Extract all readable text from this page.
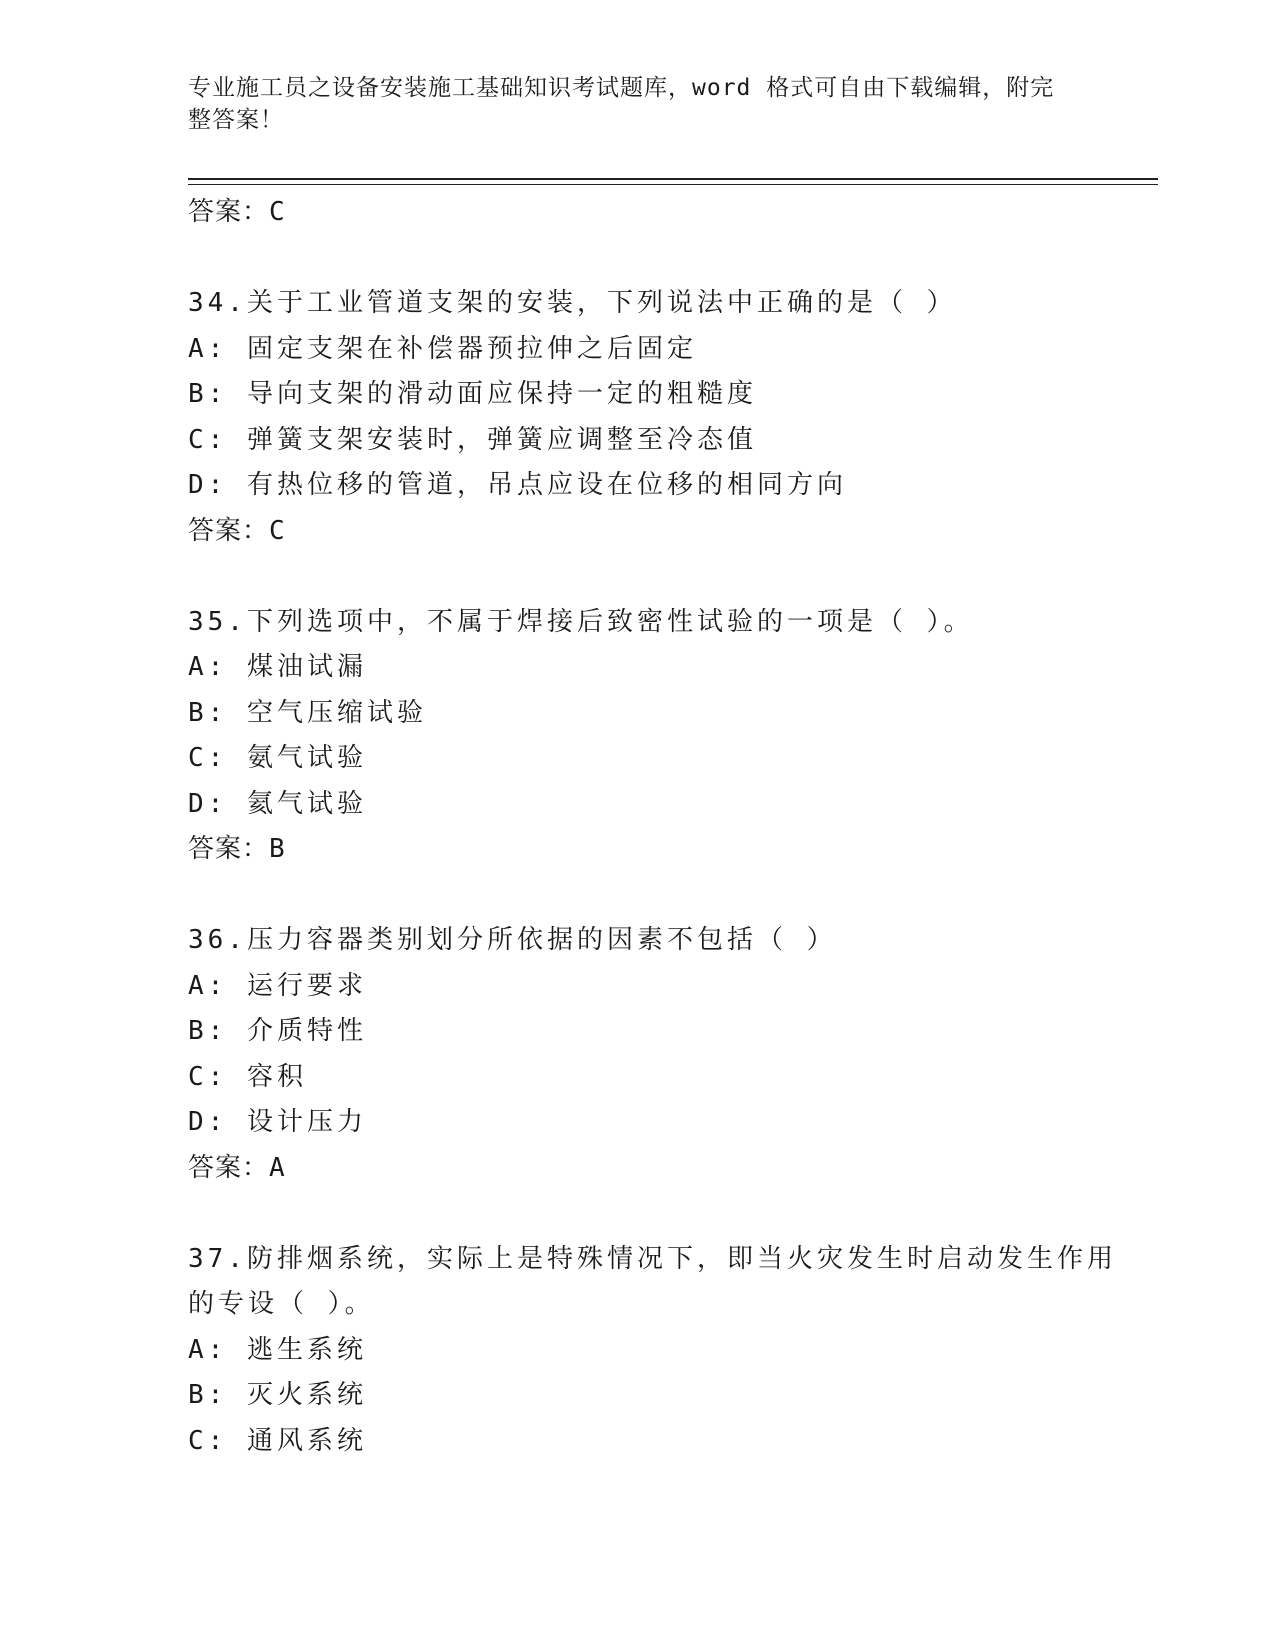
专业施工员之设备安装施工基础知识考试题库，word 格式可自由下载编辑，附完整答案！
答案：C
34.关于工业管道支架的安装，下列说法中正确的是（ ）
A: 固定支架在补偿器预拉伸之后固定
B: 导向支架的滑动面应保持一定的粗糙度
C: 弹簧支架安装时，弹簧应调整至冷态值
D: 有热位移的管道，吊点应设在位移的相同方向
答案：C
35.下列选项中，不属于焊接后致密性试验的一项是（ ）。
A: 煤油试漏
B: 空气压缩试验
C: 氨气试验
D: 氦气试验
答案：B
36.压力容器类别划分所依据的因素不包括（ ）
A: 运行要求
B: 介质特性
C: 容积
D: 设计压力
答案：A
37.防排烟系统，实际上是特殊情况下，即当火灾发生时启动发生作用
的专设（ ）。
A: 逃生系统
B: 灭火系统
C: 通风系统
